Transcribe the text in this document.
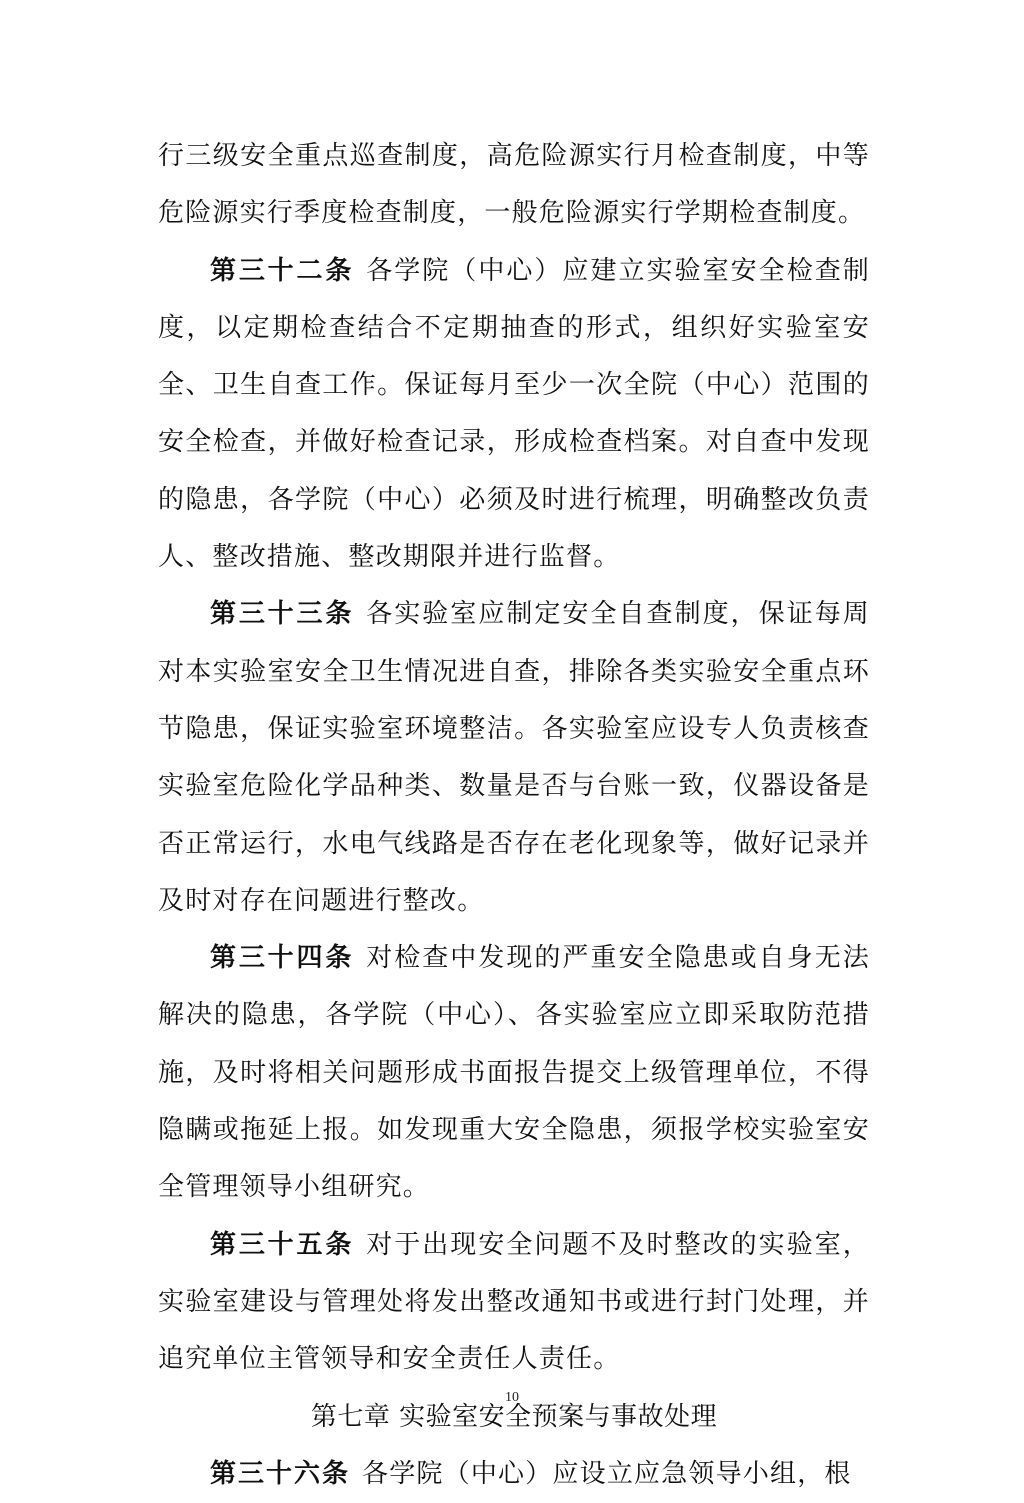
行三级安全重点巡查制度，高危险源实行月检查制度，中等危险源实行季度检查制度，一般危险源实行学期检查制度。

第三十二条 各学院（中心）应建立实验室安全检查制度，以定期检查结合不定期抽查的形式，组织好实验室安全、卫生自查工作。保证每月至少一次全院（中心）范围的安全检查，并做好检查记录，形成检查档案。对自查中发现的隐患，各学院（中心）必须及时进行梳理，明确整改负责人、整改措施、整改期限并进行监督。

第三十三条 各实验室应制定安全自查制度，保证每周对本实验室安全卫生情况进自查，排除各类实验安全重点环节隐患，保证实验室环境整洁。各实验室应设专人负责核查实验室危险化学品种类、数量是否与台账一致，仪器设备是否正常运行，水电气线路是否存在老化现象等，做好记录并及时对存在问题进行整改。

第三十四条 对检查中发现的严重安全隐患或自身无法解决的隐患，各学院（中心）、各实验室应立即采取防范措施，及时将相关问题形成书面报告提交上级管理单位，不得隐瞒或拖延上报。如发现重大安全隐患，须报学校实验室安全管理领导小组研究。

第三十五条 对于出现安全问题不及时整改的实验室，实验室建设与管理处将发出整改通知书或进行封门处理，并追究单位主管领导和安全责任人责任。

第七章 实验室安全预案与事故处理

第三十六条 各学院（中心）应设立应急领导小组，根

10
